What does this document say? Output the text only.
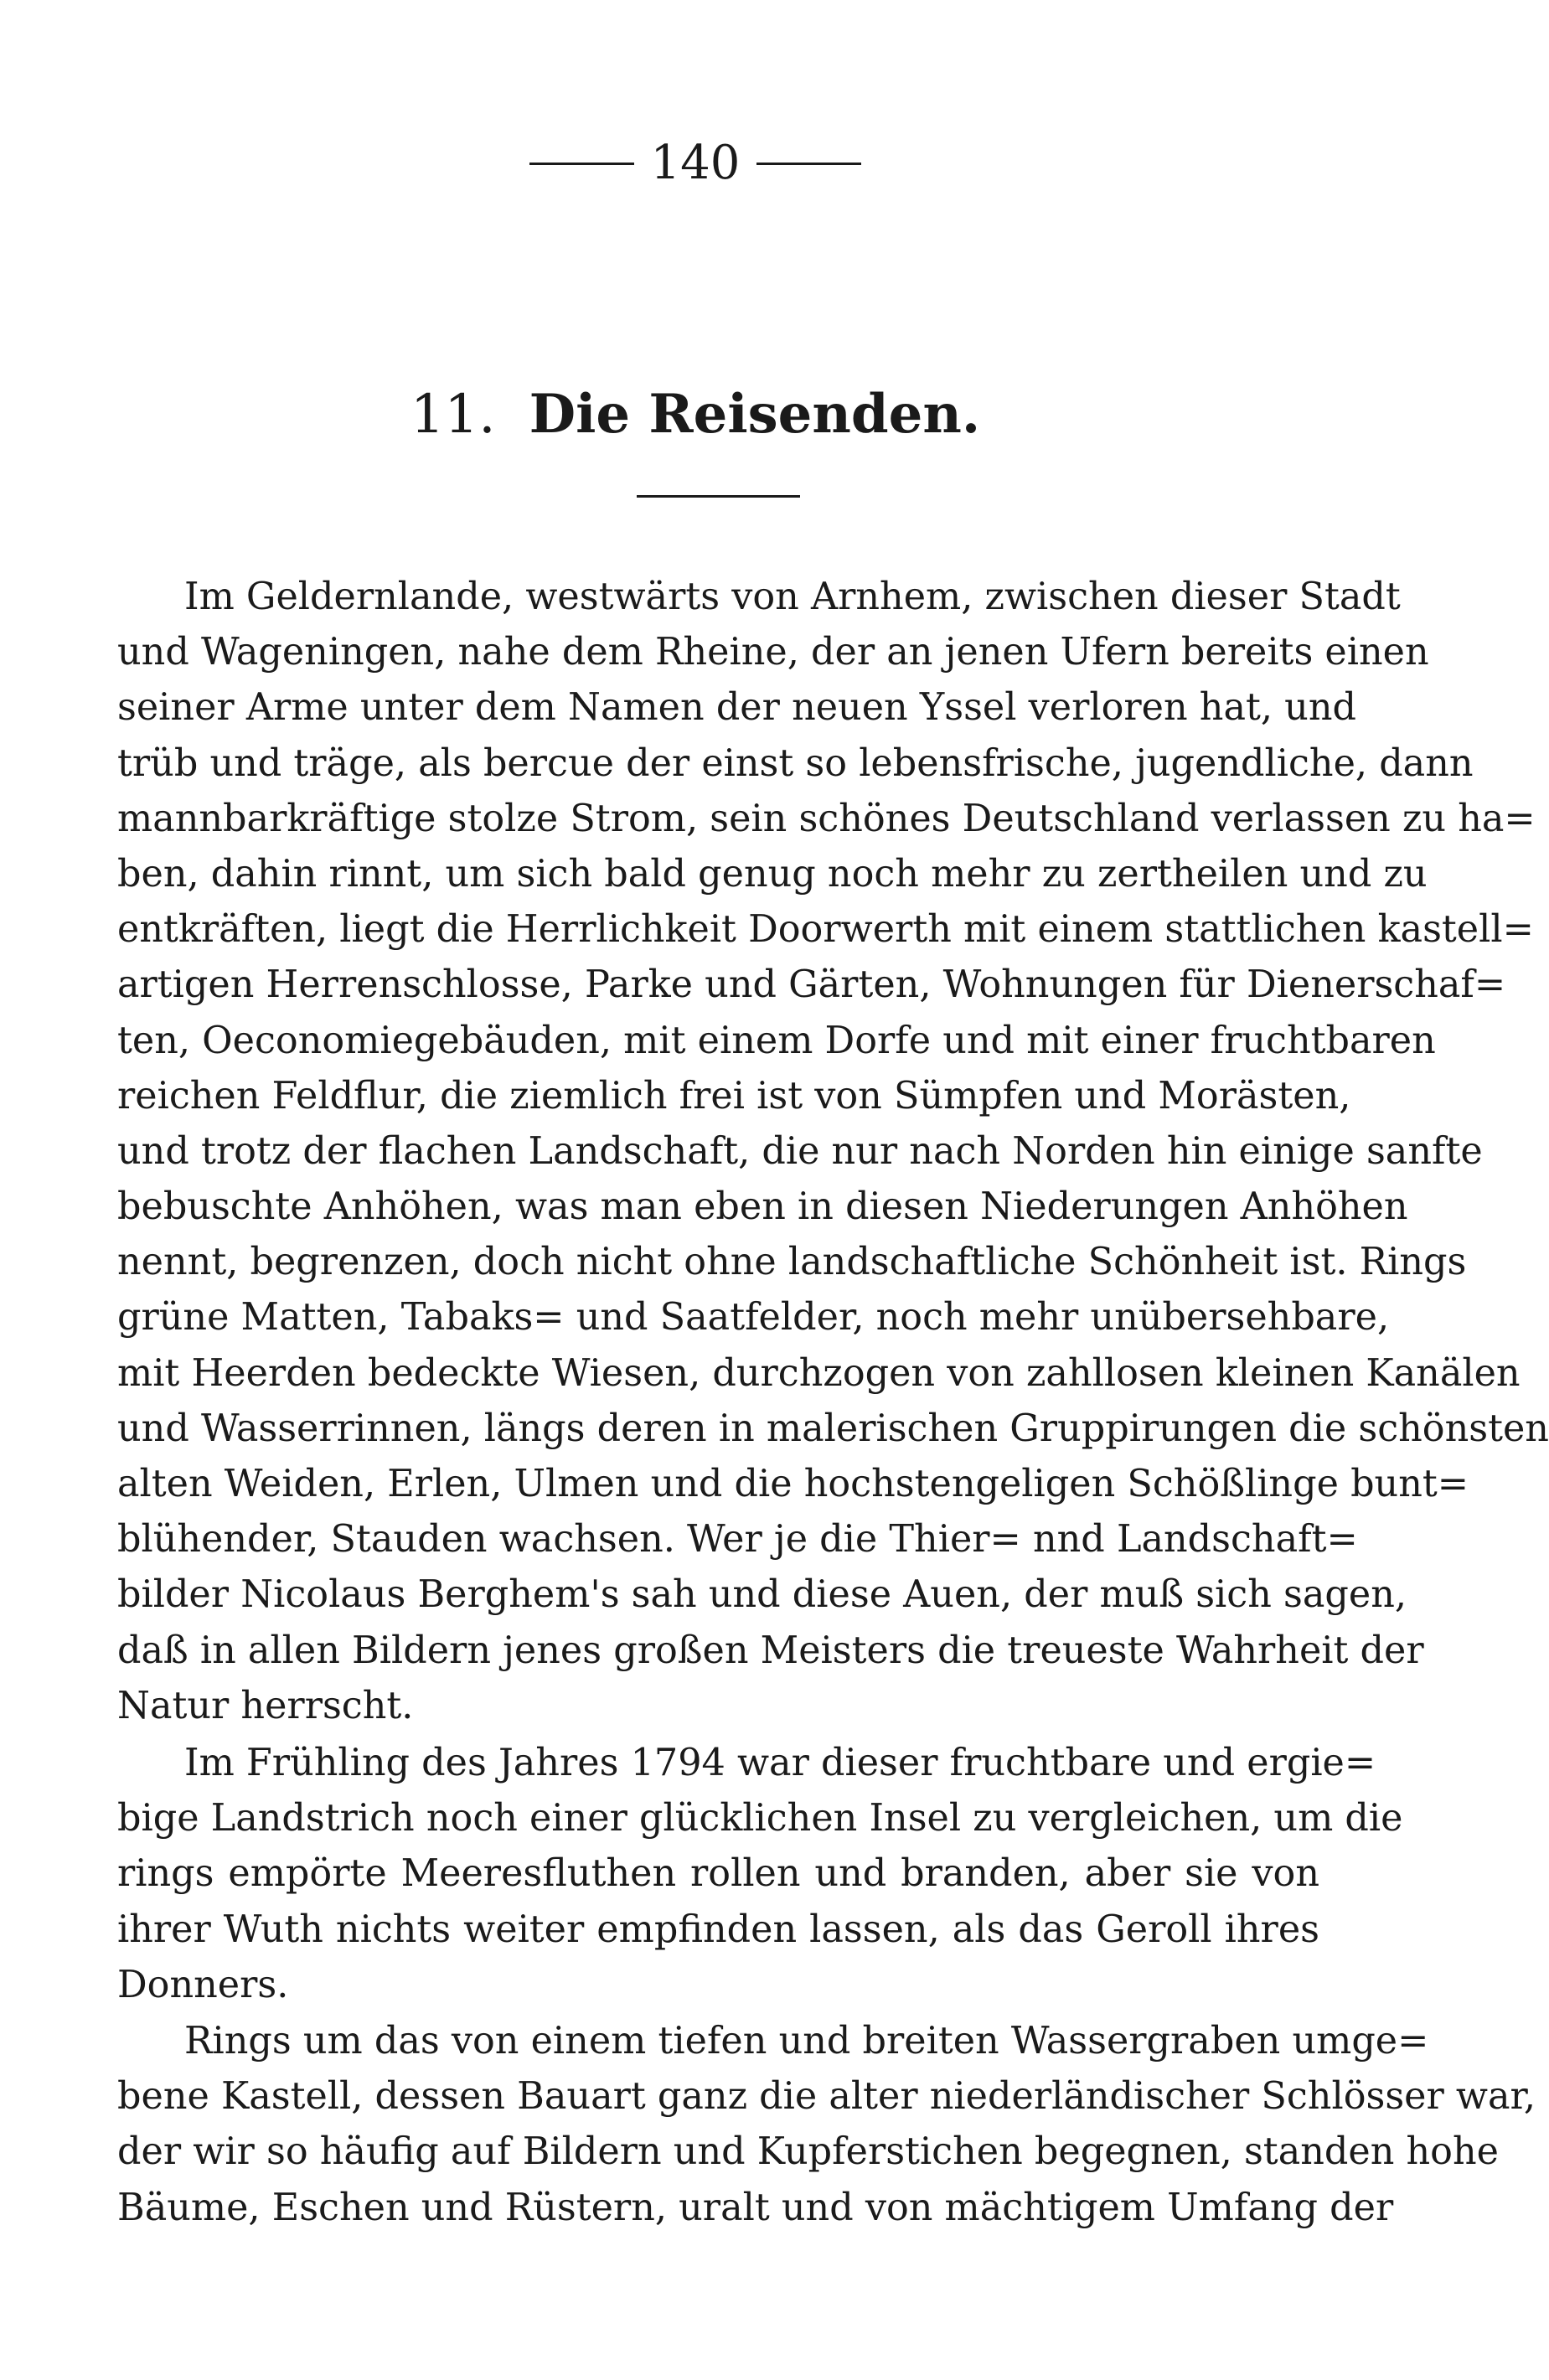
140
11. Die Reisenden.
Im Geldernlande, westwärts von Arnhem, zwischen dieser Stadt
und Wageningen, nahe dem Rheine, der an jenen Ufern bereits einen
seiner Arme unter dem Namen der neuen Yssel verloren hat, und
trüb und träge, als bercue der einst so lebensfrische, jugendliche, dann
mannbarkräftige stolze Strom, sein schönes Deutschland verlassen zu ha=
ben, dahin rinnt, um sich bald genug noch mehr zu zertheilen und zu
entkräften, liegt die Herrlichkeit Doorwerth mit einem stattlichen kastell=
artigen Herrenschlosse, Parke und Gärten, Wohnungen für Dienerschaf=
ten, Oeconomiegebäuden, mit einem Dorfe und mit einer fruchtbaren
reichen Feldflur, die ziemlich frei ist von Sümpfen und Morästen,
und trotz der flachen Landschaft, die nur nach Norden hin einige sanfte
bebuschte Anhöhen, was man eben in diesen Niederungen Anhöhen
nennt, begrenzen, doch nicht ohne landschaftliche Schönheit ist. Rings
grüne Matten, Tabaks= und Saatfelder, noch mehr unübersehbare,
mit Heerden bedeckte Wiesen, durchzogen von zahllosen kleinen Kanälen
und Wasserrinnen, längs deren in malerischen Gruppirungen die schönsten
alten Weiden, Erlen, Ulmen und die hochstengeligen Schößlinge bunt=
blühender, Stauden wachsen. Wer je die Thier= nnd Landschaft=
bilder Nicolaus Berghem's sah und diese Auen, der muß sich sagen,
daß in allen Bildern jenes großen Meisters die treueste Wahrheit der
Natur herrscht.
Im Frühling des Jahres 1794 war dieser fruchtbare und ergie=
bige Landstrich noch einer glücklichen Insel zu vergleichen, um die
rings empörte Meeresfluthen rollen und branden, aber sie von
ihrer Wuth nichts weiter empfinden lassen, als das Geroll ihres
Donners.
Rings um das von einem tiefen und breiten Wassergraben umge=
bene Kastell, dessen Bauart ganz die alter niederländischer Schlösser war,
der wir so häufig auf Bildern und Kupferstichen begegnen, standen hohe
Bäume, Eschen und Rüstern, uralt und von mächtigem Umfang der
